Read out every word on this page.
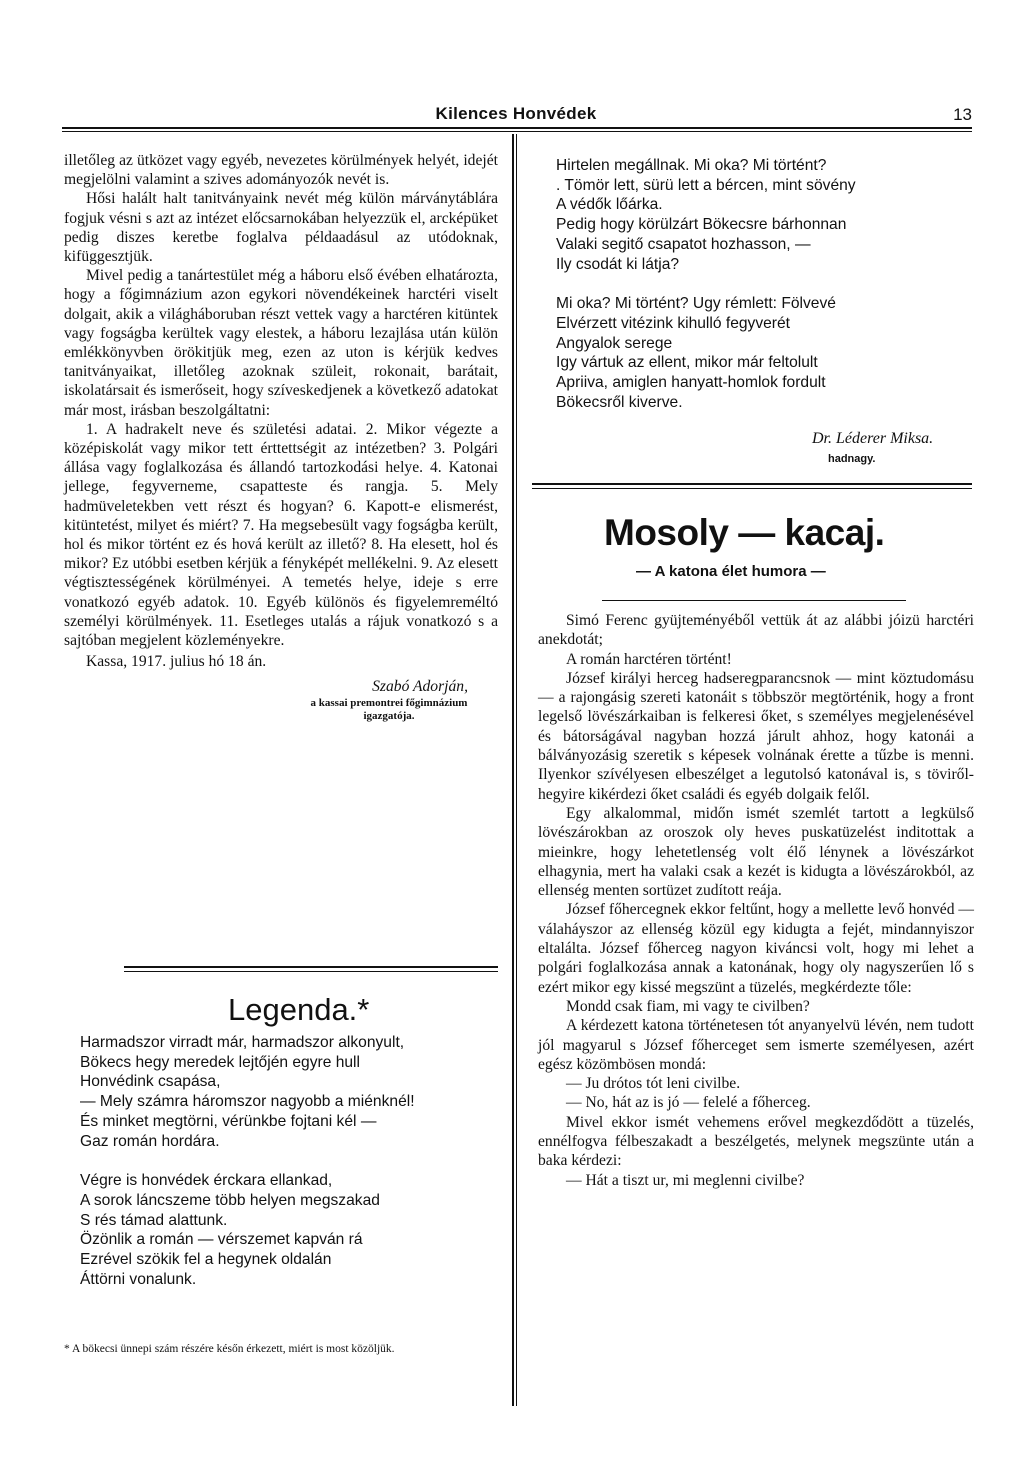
Kilences Honvédek	13

illetőleg az ütközet vagy egyéb, nevezetes körülmények helyét, idejét megjelölni valamint a szives adományozók nevét is.

Hősi halált halt tanitványaink nevét még külön márványtáblára fogjuk vésni s azt az intézet előcsarnokában helyezzük el, arcképüket pedig diszes keretbe foglalva példaadásul az utódoknak, kifüggesztjük.

Mivel pedig a tanártestület még a háboru első évében elhatározta, hogy a főgimnázium azon egykori növendékeinek harctéri viselt dolgait, akik a világháboruban részt vettek vagy a harctéren kitüntek vagy fogságba kerültek vagy elestek, a háboru lezajlása után külön emlékkönyvben örökitjük meg, ezen az uton is kérjük kedves tanitványaikat, illetőleg azoknak szüleit, rokonait, barátait, iskolatársait és ismerőseit, hogy szíveskedjenek a következő adatokat már most, irásban beszolgáltatni:

1. A hadrakelt neve és születési adatai. 2. Mikor végezte a középiskolát vagy mikor tett érttettségit az intézetben? 3. Polgári állása vagy foglalkozása és állandó tartozkodási helye. 4. Katonai jellege, fegyverneme, csapatteste és rangja. 5. Mely hadmüveletekben vett részt és hogyan? 6. Kapott-e elismerést, kitüntetést, milyet és miért? 7. Ha megsebesült vagy fogságba került, hol és mikor történt ez és hová került az illető? 8. Ha elesett, hol és mikor? Ez utóbbi esetben kérjük a fényképét mellékelni. 9. Az elesett végtisztességének körülményei. A temetés helye, ideje s erre vonatkozó egyéb adatok. 10. Egyéb különös és figyelemreméltó személyi körülmények. 11. Esetleges utalás a rájuk vonatkozó s a sajtóban megjelent közleményekre.

Kassa, 1917. julius hó 18 án.

Szabó Adorján,

a kassai premontrei főgimnázium igazgatója.

Legenda.*
Harmadszor virradt már, harmadszor alkonyult,
Bökecs hegy meredek lejtőjén egyre hull
Honvédink csapása,
— Mely számra háromszor nagyobb a miénknél!
És minket megtörni, vérünkbe fojtani kél —
Gaz román hordára.
Végre is honvédek érckara ellankad,
A sorok láncszeme több helyen megszakad
S rés támad alattunk.
Özönlik a román — vérszemet kapván rá
Ezrével szökik fel a hegynek oldalán
Áttörni vonalunk.
* A bökecsi ünnepi szám részére későn érkezett, miért is most közöljük.
Hirtelen megállnak. Mi oka? Mi történt?
. Tömör lett, sürü lett a bércen, mint sövény
A védők lőárka.
Pedig hogy körülzárt Bökecsre bárhonnan
Valaki segitő csapatot hozhasson, —
Ily csodát ki látja?
Mi oka? Mi történt? Ugy rémlett: Fölvevé
Elvérzett vitézink kihulló fegyverét
Angyalok serege
Igy vártuk az ellent, mikor már feltolult
Apriiva, amiglen hanyatt-homlok fordult
Bökecsről kiverve.
Dr. Léderer Miksa.
hadnagy.
Mosoly — kacaj.
— A katona élet humora —

Simó Ferenc gyüjteményéből vettük át az alábbi jóizü harctéri anekdotát;

A román harctéren történt!

József királyi herceg hadseregparancsnok — mint köztudomásu — a rajongásig szereti katonáit s többször megtörténik, hogy a front legelső lövészárkaiban is felkeresi őket, s személyes megjelenésével és bátorságával nagyban hozzá járult ahhoz, hogy katonái a bálványozásig szeretik s képesek volnának érette a tűzbe is menni. Ilyenkor szívélyesen elbeszélget a legutolsó katonával is, s töviről-hegyire kikérdezi őket családi és egyéb dolgaik felől.

Egy alkalommal, midőn ismét szemlét tartott a legkülső lövészárokban az oroszok oly heves puskatüzelést inditottak a mieinkre, hogy lehetetlenség volt élő lénynek a lövészárkot elhagynia, mert ha valaki csak a kezét is kidugta a lövészárokból, az ellenség menten sortüzet zudított reája.

József főhercegnek ekkor feltűnt, hogy a mellette levő honvéd — válaháyszor az ellenség közül egy kidugta a fejét, mindannyiszor eltalálta. József főherceg nagyon kiváncsi volt, hogy mi lehet a polgári foglalkozása annak a katonának, hogy oly nagyszerűen lő s ezért mikor egy kissé megszünt a tüzelés, megkérdezte tőle:

Mondd csak fiam, mi vagy te civilben?

A kérdezett katona történetesen tót anyanyelvü lévén, nem tudott jól magyarul s József főherceget sem ismerte személyesen, azért egész közömbösen mondá:

— Ju drótos tót leni civilbe.

— No, hát az is jó — felelé a főherceg.

Mivel ekkor ismét vehemens erővel megkezdődött a tüzelés, ennélfogva félbeszakadt a beszélgetés, melynek megszünte után a baka kérdezi:

— Hát a tiszt ur, mi meglenni civilbe?
